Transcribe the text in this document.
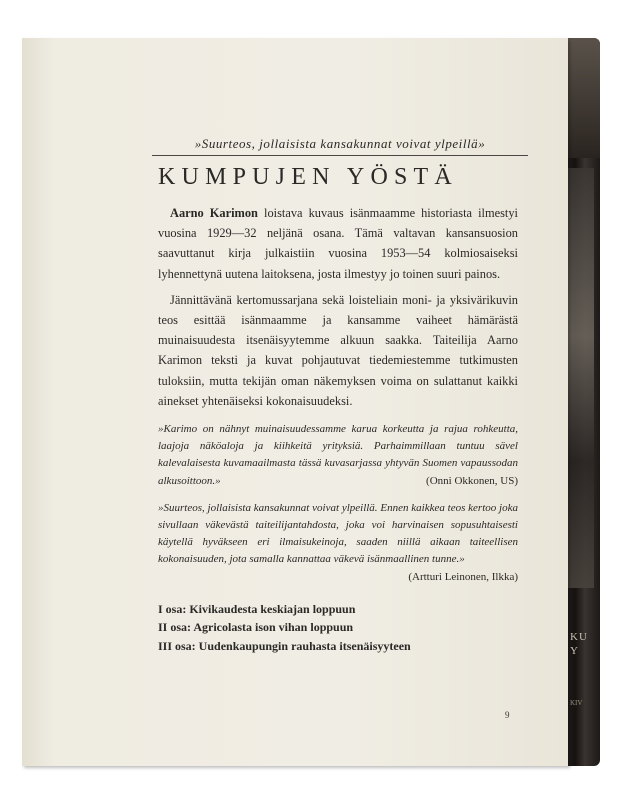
KU Y
KIV
»Suurteos, jollaisista kansakunnat voivat ylpeillä»
KUMPUJEN YÖSTÄ

Aarno Karimon loistava kuvaus isänmaamme historiasta ilmestyi vuosina 1929—32 neljänä osana. Tämä valtavan kansansuosion saavuttanut kirja julkaistiin vuosina 1953—54 kolmiosaiseksi lyhennettynä uutena laitoksena, josta ilmestyy jo toinen suuri painos.

Jännittävänä kertomussarjana sekä loisteliain moni- ja yksivärikuvin teos esittää isänmaamme ja kansamme vaiheet hämärästä muinaisuudesta itsenäisyytemme alkuun saakka. Taiteilija Aarno Karimon teksti ja kuvat pohjautuvat tiedemiestemme tutkimusten tuloksiin, mutta tekijän oman näkemyksen voima on sulattanut kaikki ainekset yhtenäiseksi kokonaisuudeksi.

»Karimo on nähnyt muinaisuudessamme karua korkeutta ja rajua rohkeutta, laajoja näköaloja ja kiihkeitä yrityksiä. Parhaimmillaan tuntuu sävel kalevalaisesta kuvamaailmasta tässä kuvasarjassa yhtyvän Suomen vapaussodan alkusoittoon.»	(Onni Okkonen, US)
»Suurteos, jollaisista kansakunnat voivat ylpeillä. Ennen kaikkea teos kertoo joka sivullaan väkevästä taiteilijantahdosta, joka voi harvinaisen sopusuhtaisesti käytellä hyväkseen eri ilmaisukeinoja, saaden niillä aikaan taiteellisen kokonaisuuden, jota samalla kannattaa väkevä isänmaallinen tunne.»
(Artturi Leinonen, Ilkka)
I osa: Kivikaudesta keskiajan loppuun
II osa: Agricolasta ison vihan loppuun
III osa: Uudenkaupungin rauhasta itsenäisyyteen
9
